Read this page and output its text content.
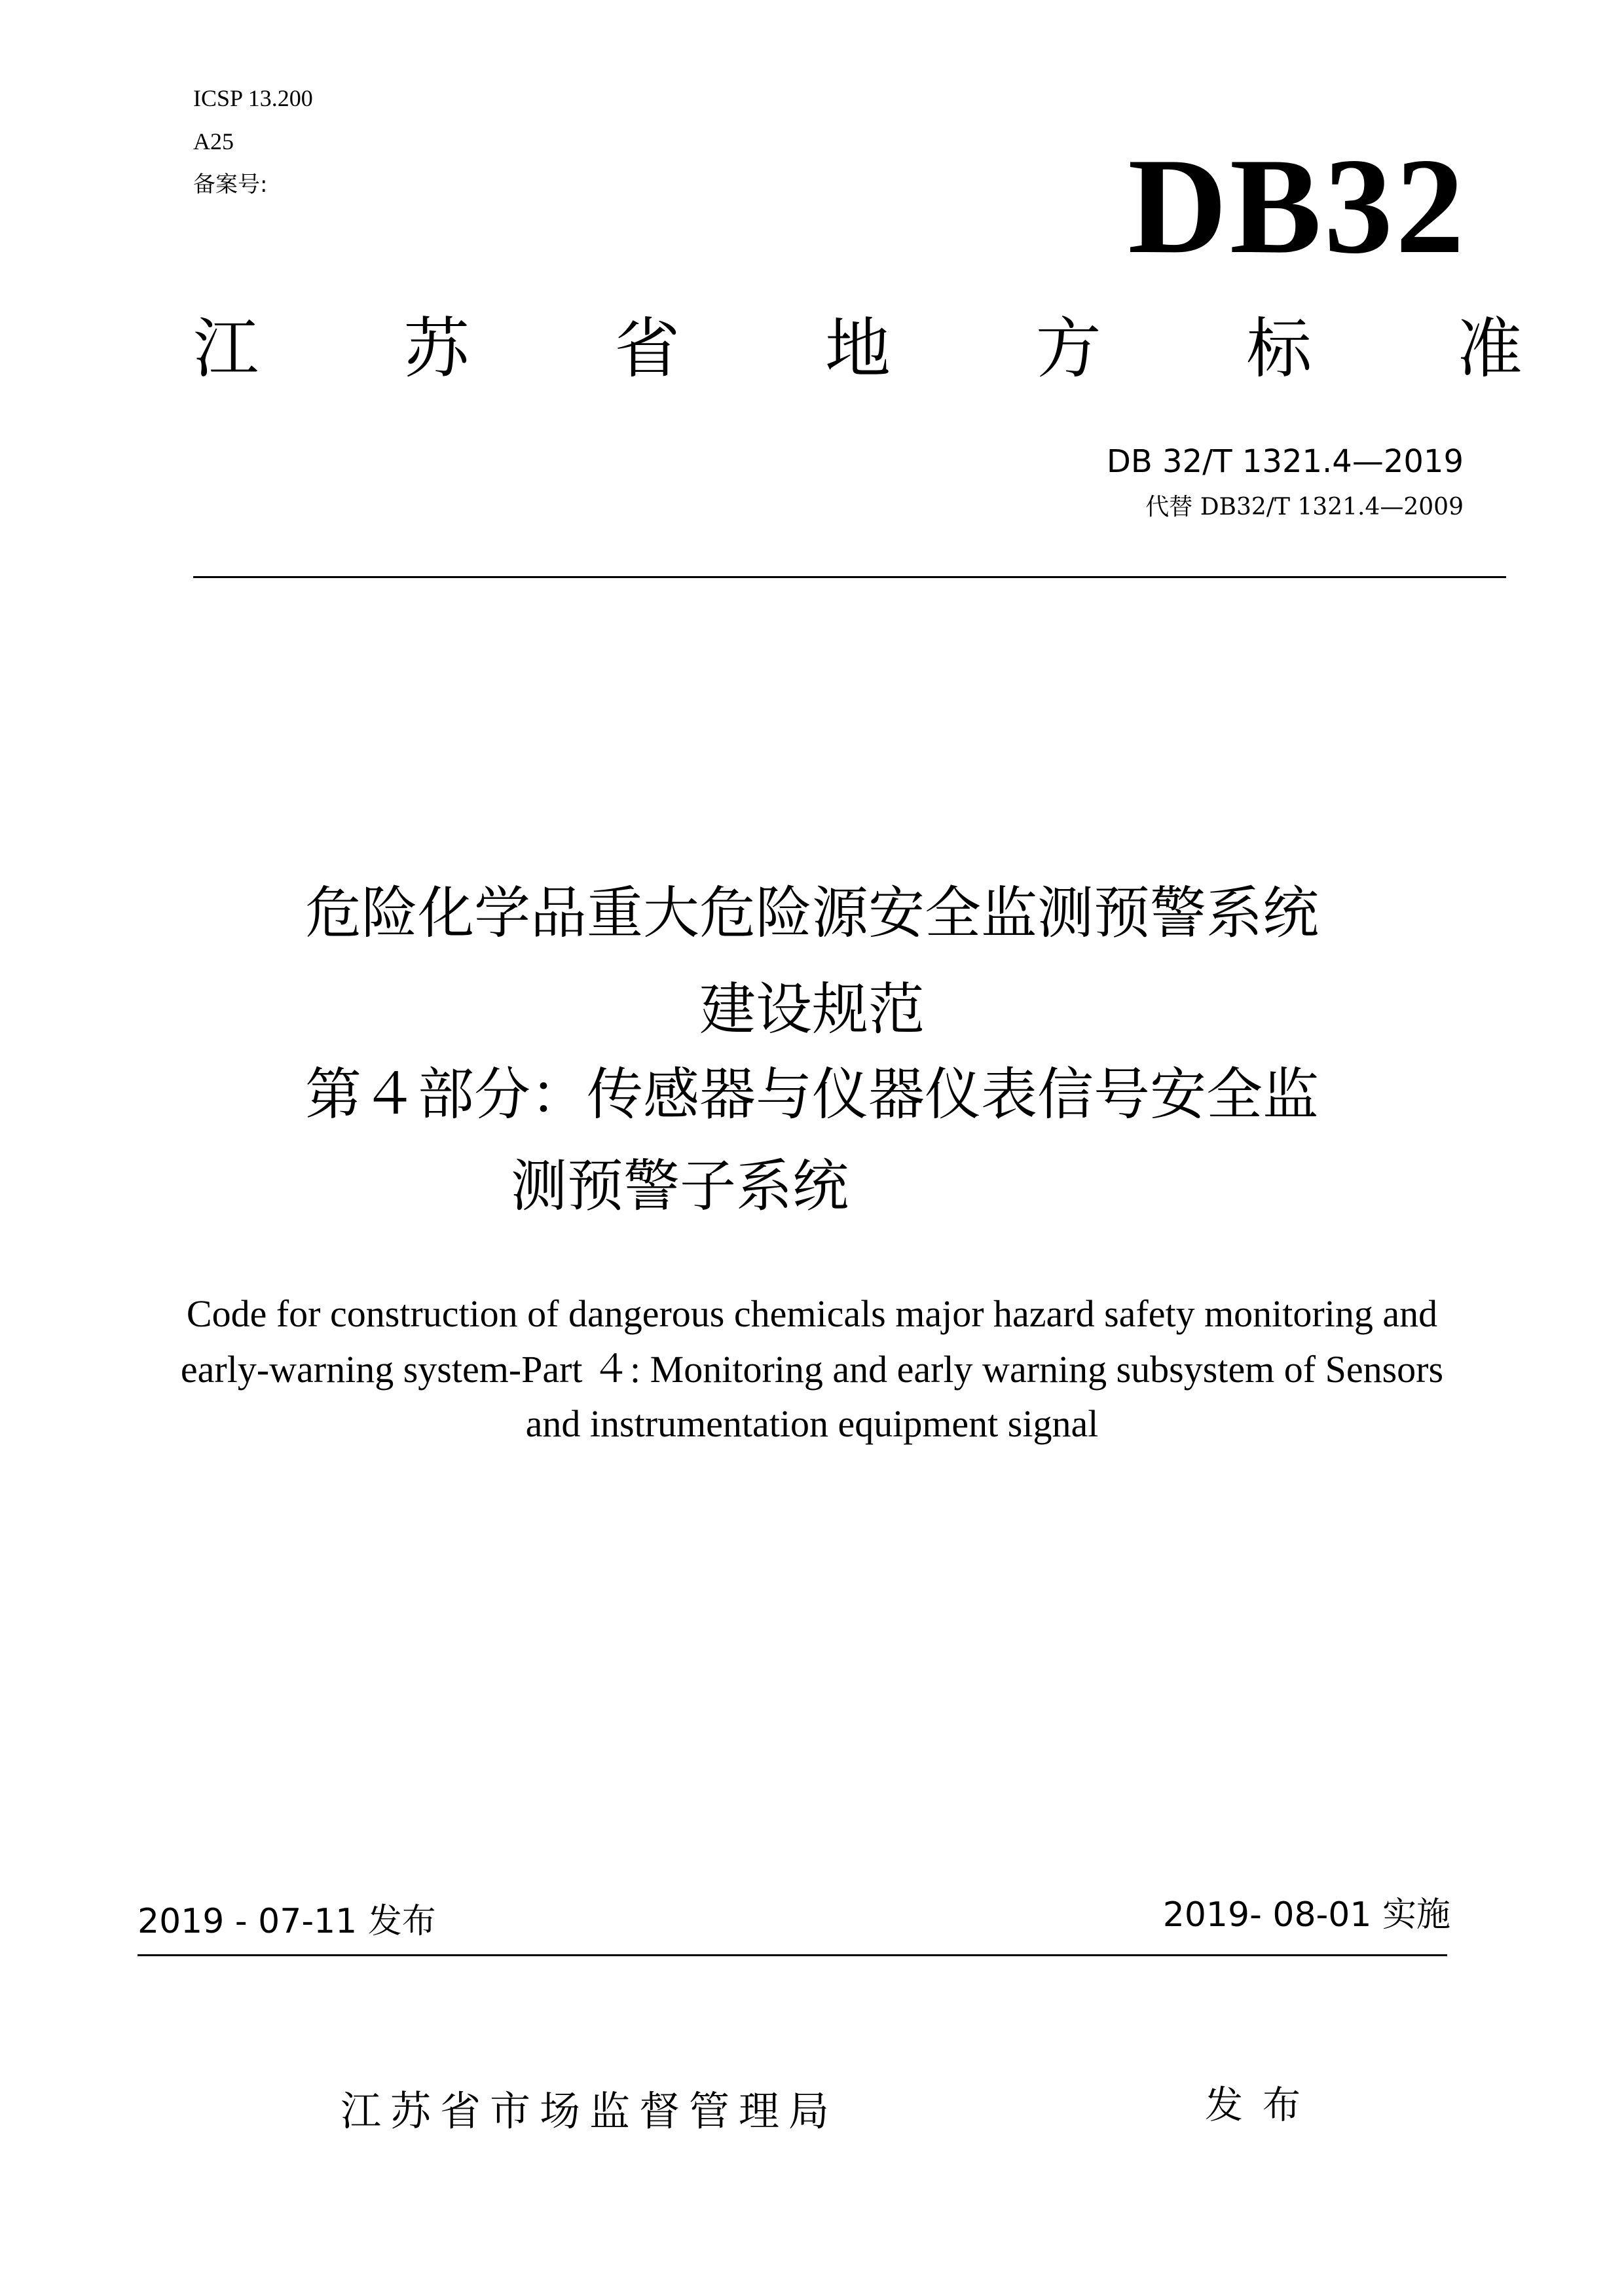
ICSP 13.200
A25
备案号:	DB32
江 苏 省 地 方 标 准
DB 32/T 1321.4—2019
代替 DB32/T 1321.4—2009
危险化学品重大危险源安全监测预警系统
建设规范
第４部分：传感器与仪器仪表信号安全监
测预警子系统
Code for construction of dangerous chemicals major hazard safety monitoring and
early-warning system-Part ４: Monitoring and early warning subsystem of Sensors
and instrumentation equipment signal
2019 - 07-11 发布	2019- 08-01 实施
江苏省市场监督管理局	发布
